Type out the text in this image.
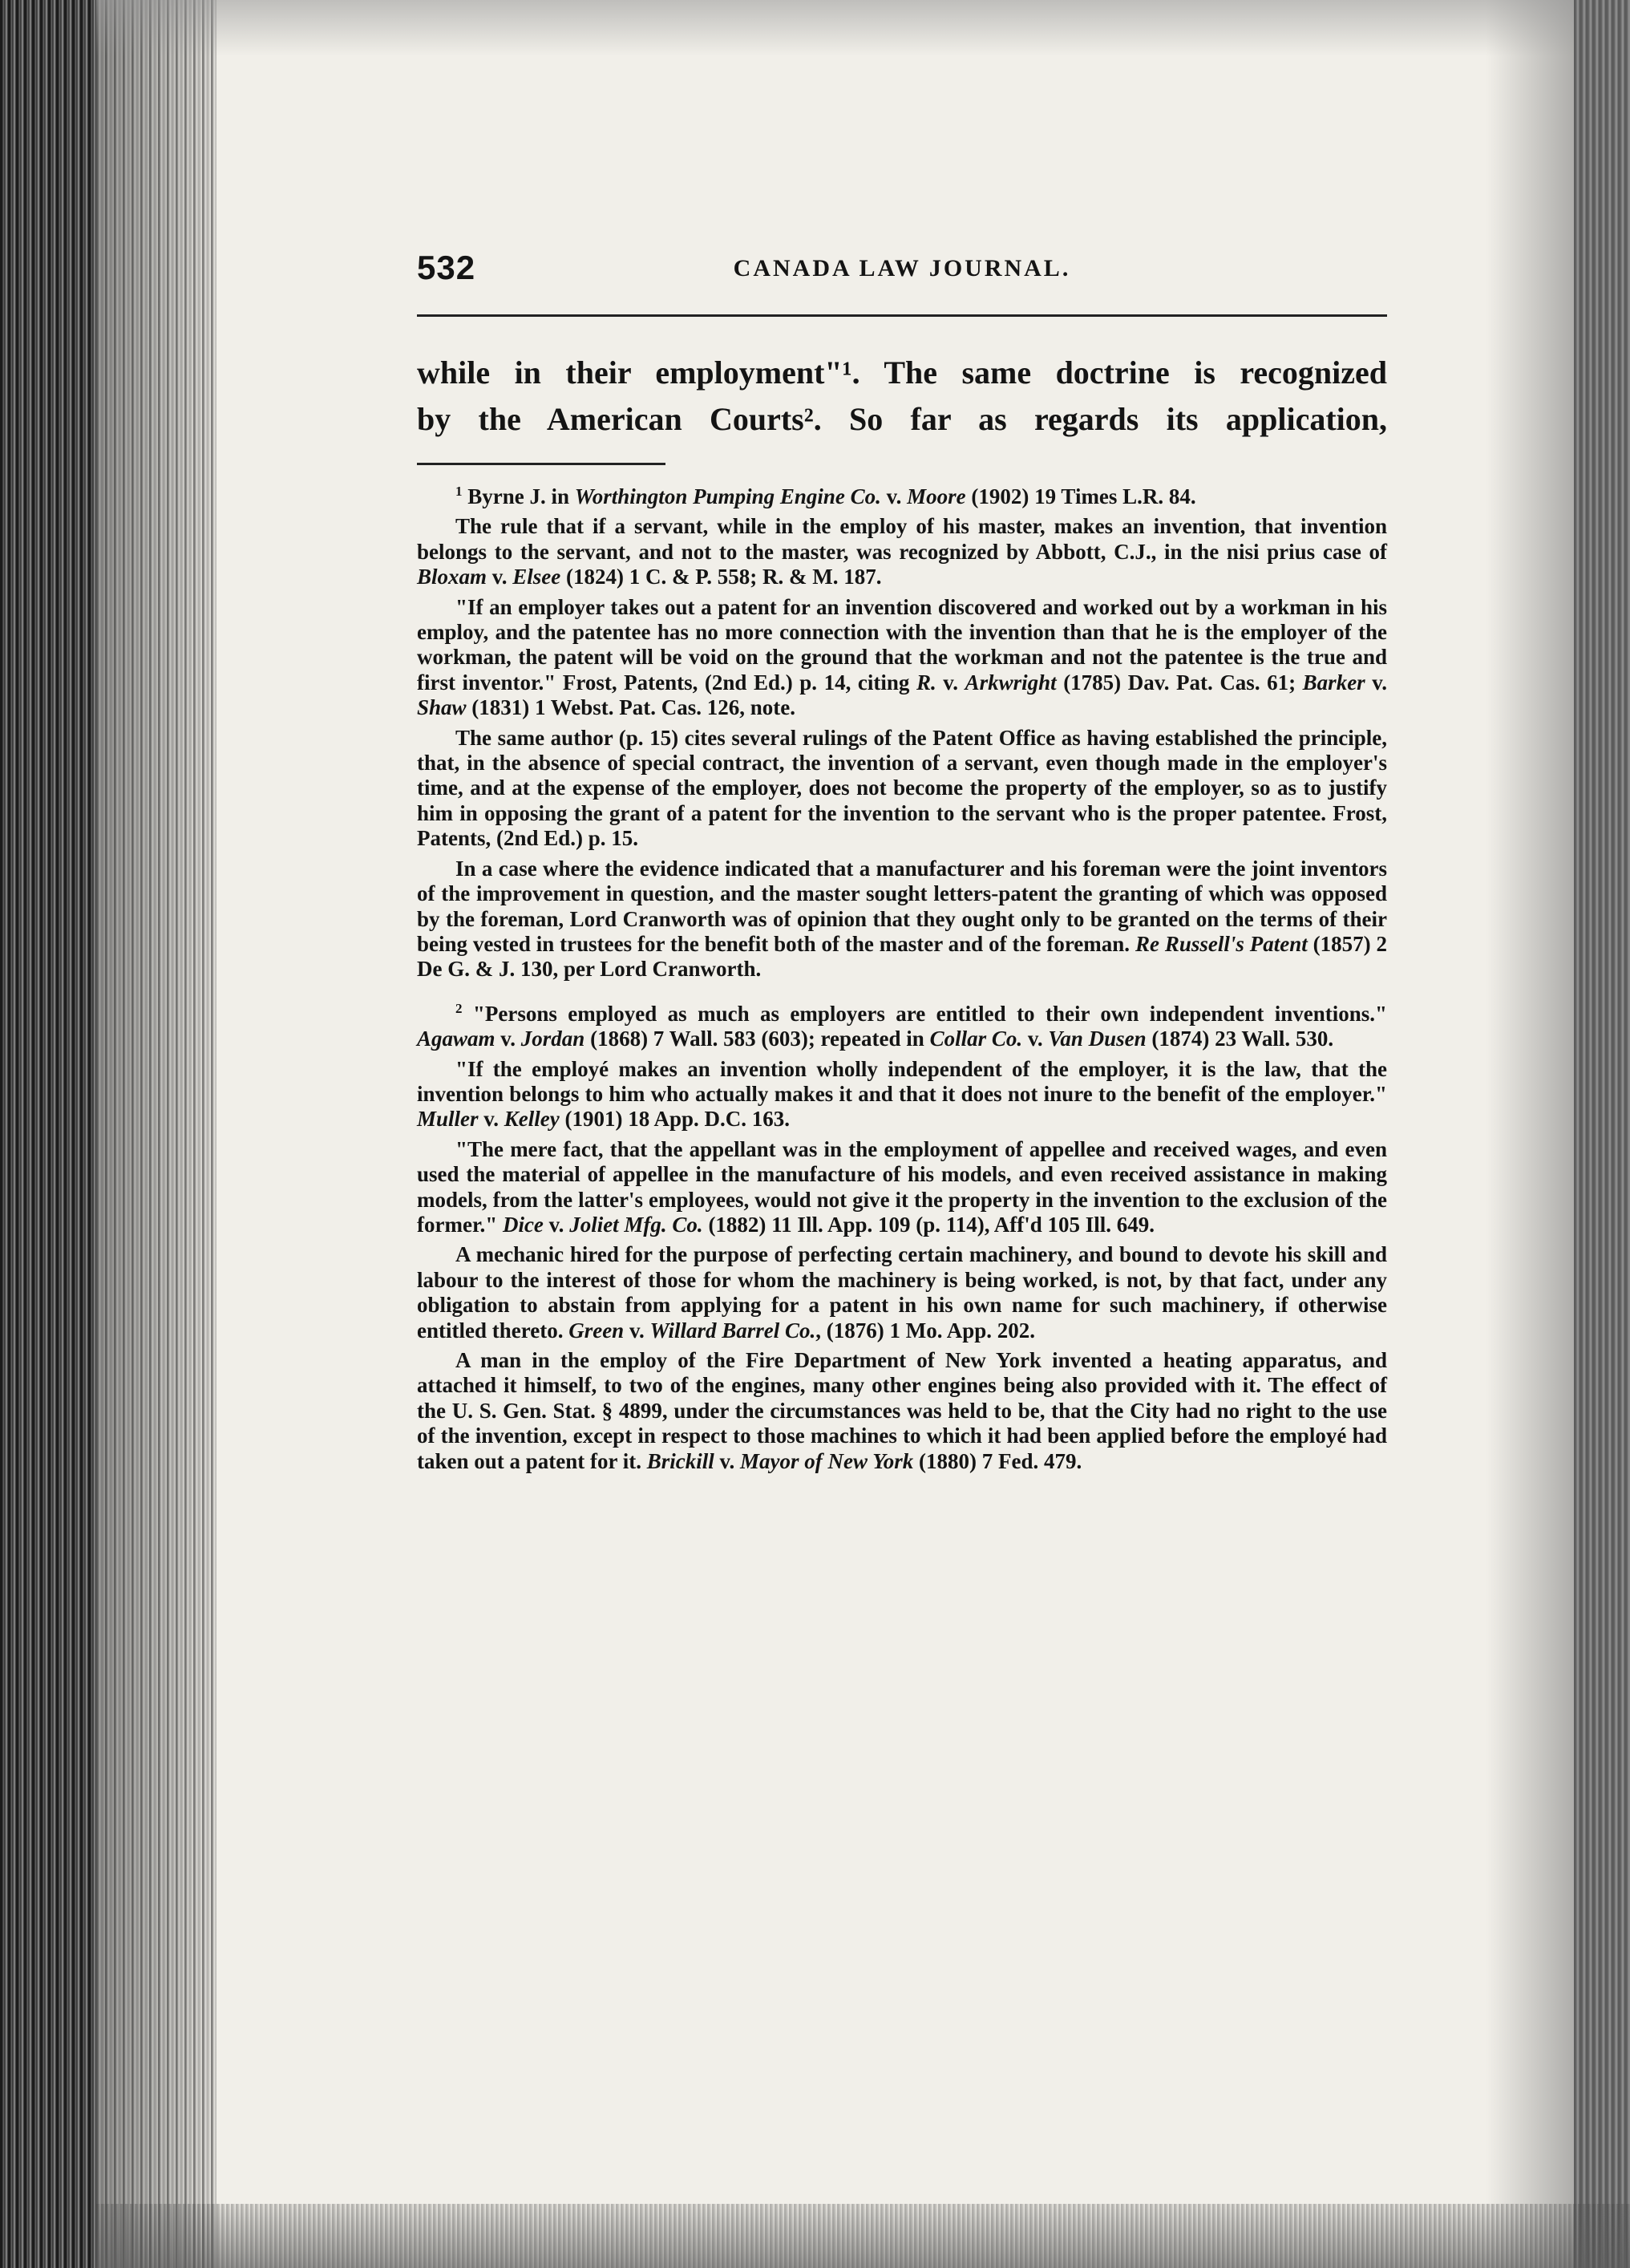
532	CANADA LAW JOURNAL.
while in their employment"¹. The same doctrine is recognized
by the American Courts². So far as regards its application,

$^1$ Byrne J. in Worthington Pumping Engine Co. v. Moore (1902) 19 Times L.R. 84.

The rule that if a servant, while in the employ of his master, makes an invention, that invention belongs to the servant, and not to the master, was recognized by Abbott, C.J., in the nisi prius case of Bloxam v. Elsee (1824) 1 C. & P. 558; R. & M. 187.

"If an employer takes out a patent for an invention discovered and worked out by a workman in his employ, and the patentee has no more connection with the invention than that he is the employer of the workman, the patent will be void on the ground that the workman and not the patentee is the true and first inventor." Frost, Patents, (2nd Ed.) p. 14, citing R. v. Arkwright (1785) Dav. Pat. Cas. 61; Barker v. Shaw (1831) 1 Webst. Pat. Cas. 126, note.

The same author (p. 15) cites several rulings of the Patent Office as having established the principle, that, in the absence of special contract, the invention of a servant, even though made in the employer's time, and at the expense of the employer, does not become the property of the employer, so as to justify him in opposing the grant of a patent for the invention to the servant who is the proper patentee. Frost, Patents, (2nd Ed.) p. 15.

In a case where the evidence indicated that a manufacturer and his foreman were the joint inventors of the improvement in question, and the master sought letters-patent the granting of which was opposed by the foreman, Lord Cranworth was of opinion that they ought only to be granted on the terms of their being vested in trustees for the benefit both of the master and of the foreman. Re Russell's Patent (1857) 2 De G. & J. 130, per Lord Cranworth.

$^2$ "Persons employed as much as employers are entitled to their own independent inventions." Agawam v. Jordan (1868) 7 Wall. 583 (603); repeated in Collar Co. v. Van Dusen (1874) 23 Wall. 530.

"If the employé makes an invention wholly independent of the employer, it is the law, that the invention belongs to him who actually makes it and that it does not inure to the benefit of the employer." Muller v. Kelley (1901) 18 App. D.C. 163.

"The mere fact, that the appellant was in the employment of appellee and received wages, and even used the material of appellee in the manufacture of his models, and even received assistance in making models, from the latter's employees, would not give it the property in the invention to the exclusion of the former." Dice v. Joliet Mfg. Co. (1882) 11 Ill. App. 109 (p. 114), Aff'd 105 Ill. 649.

A mechanic hired for the purpose of perfecting certain machinery, and bound to devote his skill and labour to the interest of those for whom the machinery is being worked, is not, by that fact, under any obligation to abstain from applying for a patent in his own name for such machinery, if otherwise entitled thereto. Green v. Willard Barrel Co., (1876) 1 Mo. App. 202.

A man in the employ of the Fire Department of New York invented a heating apparatus, and attached it himself, to two of the engines, many other engines being also provided with it. The effect of the U. S. Gen. Stat. § 4899, under the circumstances was held to be, that the City had no right to the use of the invention, except in respect to those machines to which it had been applied before the employé had taken out a patent for it. Brickill v. Mayor of New York (1880) 7 Fed. 479.
